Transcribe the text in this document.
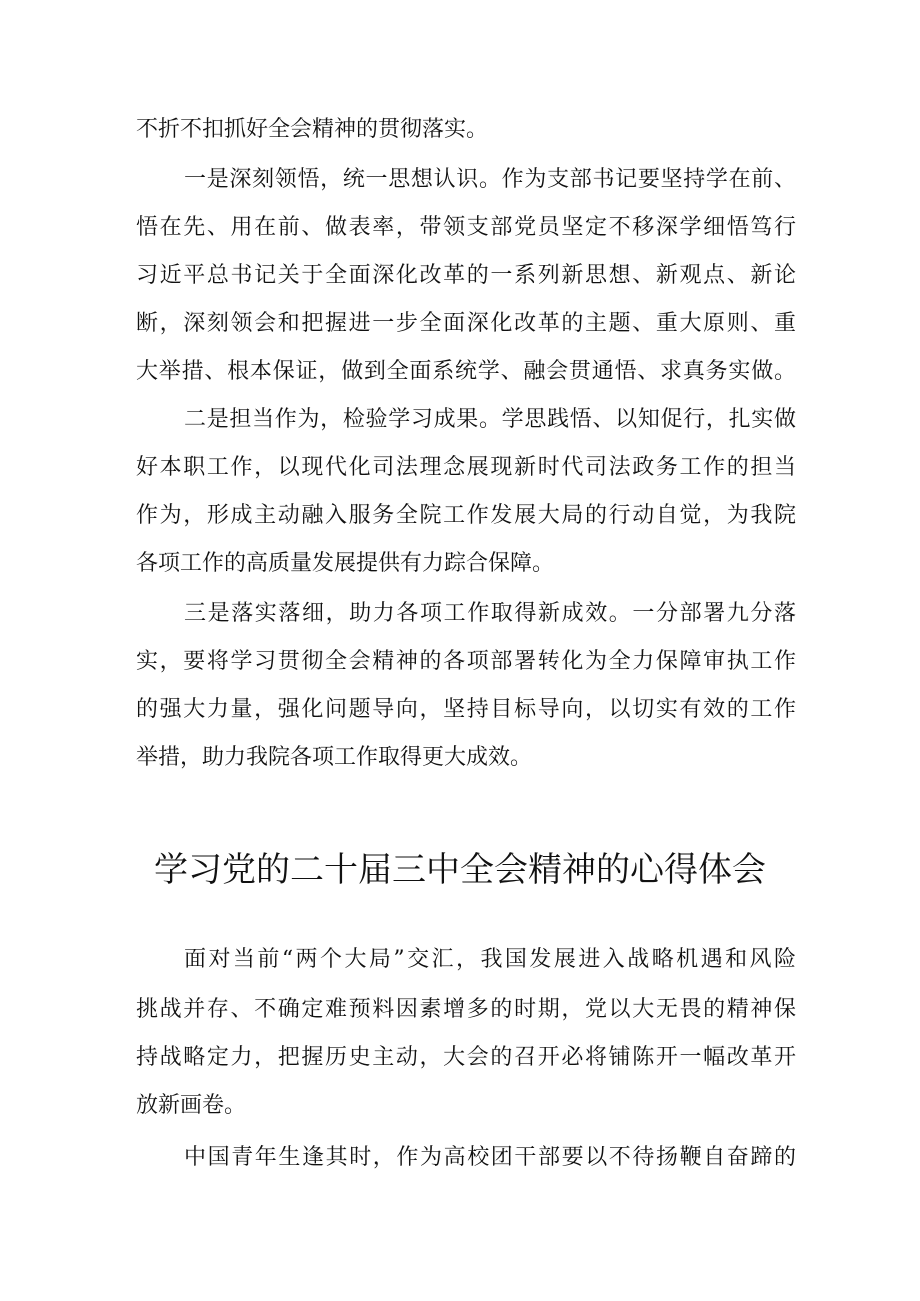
不折不扣抓好全会精神的贯彻落实。
一是深刻领悟，统一思想认识。作为支部书记要坚持学在前、
悟在先、用在前、做表率，带领支部党员坚定不移深学细悟笃行
习近平总书记关于全面深化改革的一系列新思想、新观点、新论
断，深刻领会和把握进一步全面深化改革的主题、重大原则、重
大举措、根本保证，做到全面系统学、融会贯通悟、求真务实做。
二是担当作为，检验学习成果。学思践悟、以知促行，扎实做
好本职工作，以现代化司法理念展现新时代司法政务工作的担当
作为，形成主动融入服务全院工作发展大局的行动自觉，为我院
各项工作的高质量发展提供有力踪合保障。
三是落实落细，助力各项工作取得新成效。一分部署九分落
实，要将学习贯彻全会精神的各项部署转化为全力保障审执工作
的强大力量，强化问题导向，坚持目标导向，以切实有效的工作
举措，助力我院各项工作取得更大成效。
学习党的二十届三中全会精神的心得体会
面对当前“两个大局”交汇，我国发展进入战略机遇和风险
挑战并存、不确定难预料因素增多的时期，党以大无畏的精神保
持战略定力，把握历史主动，大会的召开必将铺陈开一幅改革开
放新画卷。
中国青年生逢其时，作为高校团干部要以不待扬鞭自奋蹄的
